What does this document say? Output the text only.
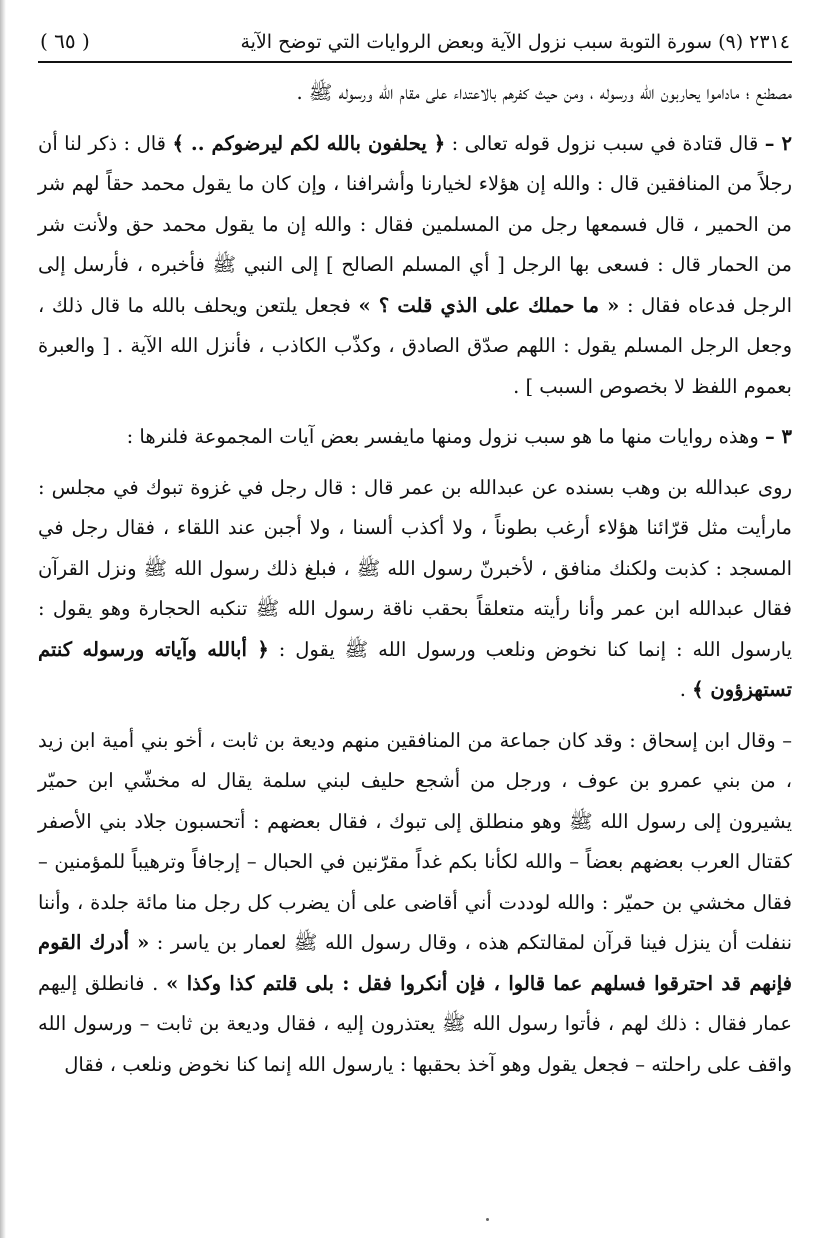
٢٣١٤ (٩) سورة التوبة سبب نزول الآية وبعض الروايات التي توضح الآية
( ٦٥ )

مصطنع ؛ ماداموا يحاربون الله ورسوله ، ومن حيث كفرهم بالاعتداء على مقام الله ورسوله ﷺ .

٢ – قال قتادة في سبب نزول قوله تعالى : ﴿ يحلفون بالله لكم ليرضوكم .. ﴾ قال : ذكر لنا أن رجلاً من المنافقين قال : والله إن هؤلاء لخيارنا وأشرافنا ، وإن كان ما يقول محمد حقاً لهم شر من الحمير ، قال فسمعها رجل من المسلمين فقال : والله إن ما يقول محمد حق ولأنت شر من الحمار قال : فسعى بها الرجل [ أي المسلم الصالح ] إلى النبي ﷺ فأخبره ، فأرسل إلى الرجل فدعاه فقال : « ما حملك على الذي قلت ؟ » فجعل يلتعن ويحلف بالله ما قال ذلك ، وجعل الرجل المسلم يقول : اللهم صدّق الصادق ، وكذّب الكاذب ، فأنزل الله الآية . [ والعبرة بعموم اللفظ لا بخصوص السبب ] .

٣ – وهذه روايات منها ما هو سبب نزول ومنها مايفسر بعض آيات المجموعة فلنرها :

روى عبدالله بن وهب بسنده عن عبدالله بن عمر قال : قال رجل في غزوة تبوك في مجلس : مارأيت مثل قرّائنا هؤلاء أرغب بطوناً ، ولا أكذب ألسنا ، ولا أجبن عند اللقاء ، فقال رجل في المسجد : كذبت ولكنك منافق ، لأخبرنّ رسول الله ﷺ ، فبلغ ذلك رسول الله ﷺ ونزل القرآن فقال عبدالله ابن عمر وأنا رأيته متعلقاً بحقب ناقة رسول الله ﷺ تنكبه الحجارة وهو يقول : يارسول الله : إنما كنا نخوض ونلعب ورسول الله ﷺ يقول : ﴿ أبالله وآياته ورسوله كنتم تستهزؤون ﴾ .

– وقال ابن إسحاق : وقد كان جماعة من المنافقين منهم وديعة بن ثابت ، أخو بني أمية ابن زيد ، من بني عمرو بن عوف ، ورجل من أشجع حليف لبني سلمة يقال له مخشّي ابن حميّر يشيرون إلى رسول الله ﷺ وهو منطلق إلى تبوك ، فقال بعضهم : أتحسبون جلاد بني الأصفر كقتال العرب بعضهم بعضاً – والله لكأنا بكم غداً مقرّنين في الحبال – إرجافاً وترهيباً للمؤمنين – فقال مخشي بن حميّر : والله لوددت أني أقاضى على أن يضرب كل رجل منا مائة جلدة ، وأننا ننفلت أن ينزل فينا قرآن لمقالتكم هذه ، وقال رسول الله ﷺ لعمار بن ياسر : « أدرك القوم فإنهم قد احترقوا فسلهم عما قالوا ، فإن أنكروا فقل : بلى قلتم كذا وكذا » . فانطلق إليهم عمار فقال : ذلك لهم ، فأتوا رسول الله ﷺ يعتذرون إليه ، فقال وديعة بن ثابت – ورسول الله واقف على راحلته – فجعل يقول وهو آخذ بحقبها : يارسول الله إنما كنا نخوض ونلعب ، فقال
